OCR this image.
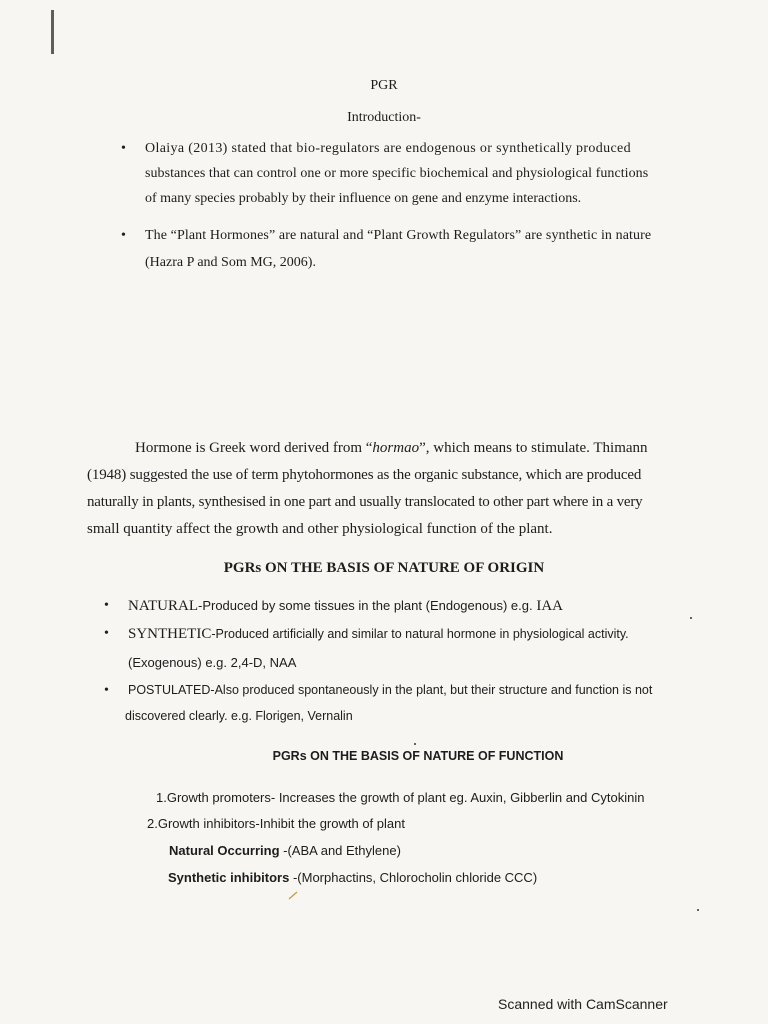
PGR
Introduction-
• Olaiya (2013) stated that bio-regulators are endogenous or synthetically produced
substances that can control one or more specific biochemical and physiological functions
of many species probably by their influence on gene and enzyme interactions.
• The “Plant Hormones” are natural and “Plant Growth Regulators” are synthetic in nature
(Hazra P and Som MG, 2006).
Hormone is Greek word derived from “hormao”, which means to stimulate. Thimann
(1948) suggested the use of term phytohormones as the organic substance, which are produced
naturally in plants, synthesised in one part and usually translocated to other part where in a very
small quantity affect the growth and other physiological function of the plant.
PGRs ON THE BASIS OF NATURE OF ORIGIN
• NATURAL-Produced by some tissues in the plant (Endogenous) e.g. IAA
• SYNTHETIC-Produced artificially and similar to natural hormone in physiological activity.
(Exogenous) e.g. 2,4-D, NAA
• POSTULATED-Also produced spontaneously in the plant, but their structure and function is not
discovered clearly. e.g. Florigen, Vernalin
PGRs ON THE BASIS OF NATURE OF FUNCTION
1.Growth promoters- Increases the growth of plant eg. Auxin, Gibberlin and Cytokinin
2.Growth inhibitors-Inhibit the growth of plant
Natural Occurring -(ABA and Ethylene)
Synthetic inhibitors -(Morphactins, Chlorocholin chloride CCC)
Scanned with CamScanner
